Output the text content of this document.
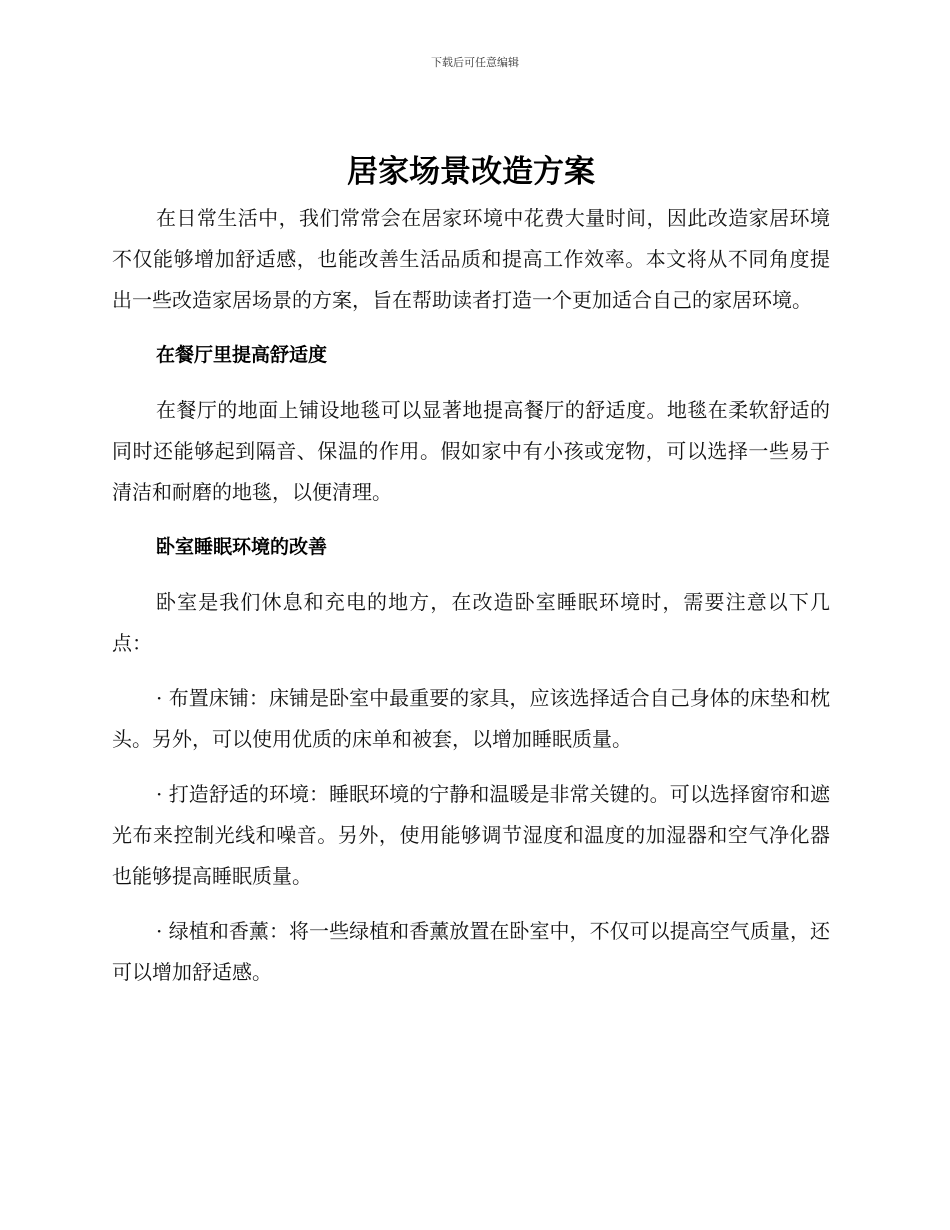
下载后可任意编辑
居家场景改造方案

在日常生活中，我们常常会在居家环境中花费大量时间，因此改造家居环境不仅能够增加舒适感，也能改善生活品质和提高工作效率。本文将从不同角度提出一些改造家居场景的方案，旨在帮助读者打造一个更加适合自己的家居环境。

在餐厅里提高舒适度

在餐厅的地面上铺设地毯可以显著地提高餐厅的舒适度。地毯在柔软舒适的同时还能够起到隔音、保温的作用。假如家中有小孩或宠物，可以选择一些易于清洁和耐磨的地毯，以便清理。

卧室睡眠环境的改善

卧室是我们休息和充电的地方，在改造卧室睡眠环境时，需要注意以下几点：

· 布置床铺：床铺是卧室中最重要的家具，应该选择适合自己身体的床垫和枕头。另外，可以使用优质的床单和被套，以增加睡眠质量。

· 打造舒适的环境：睡眠环境的宁静和温暖是非常关键的。可以选择窗帘和遮光布来控制光线和噪音。另外，使用能够调节湿度和温度的加湿器和空气净化器也能够提高睡眠质量。

· 绿植和香薰：将一些绿植和香薰放置在卧室中，不仅可以提高空气质量，还可以增加舒适感。
